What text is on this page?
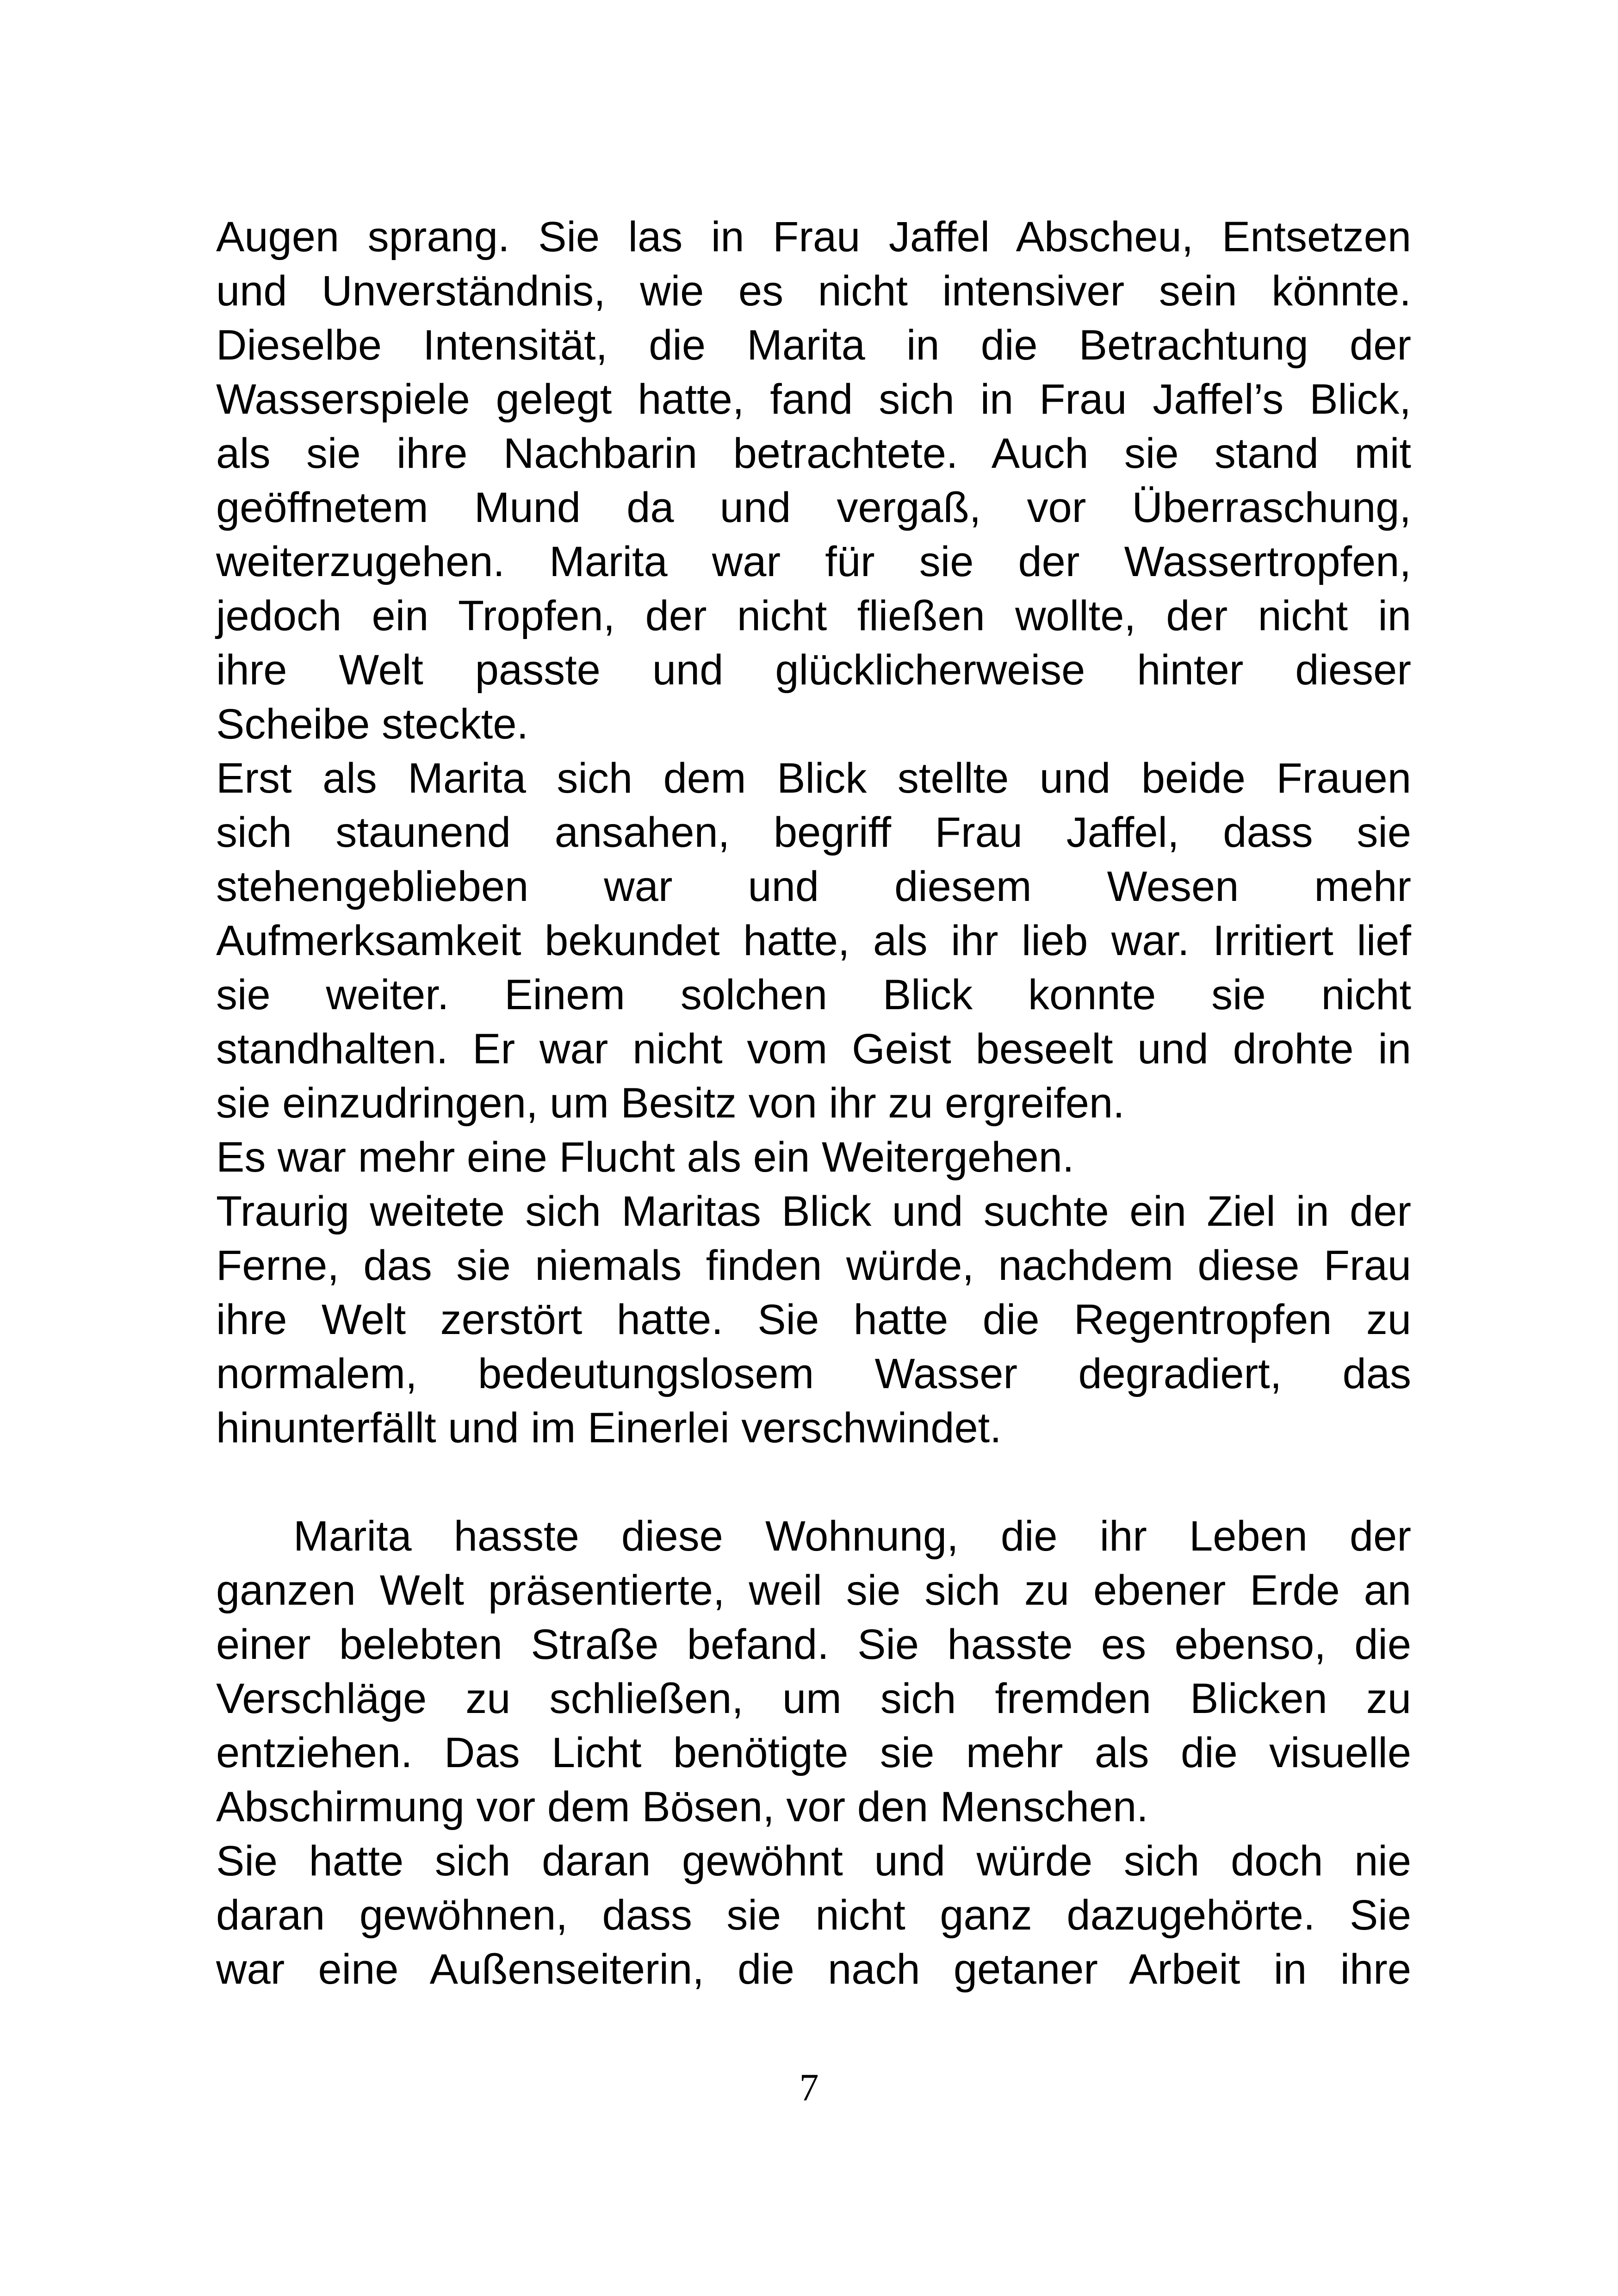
Augen sprang. Sie las in Frau Jaffel Abscheu, Entsetzen
und Unverständnis, wie es nicht intensiver sein könnte.
Dieselbe Intensität, die Marita in die Betrachtung der
Wasserspiele gelegt hatte, fand sich in Frau Jaffel’s Blick,
als sie ihre Nachbarin betrachtete. Auch sie stand mit
geöffnetem Mund da und vergaß, vor Überraschung,
weiterzugehen. Marita war für sie der Wassertropfen,
jedoch ein Tropfen, der nicht fließen wollte, der nicht in
ihre Welt passte und glücklicherweise hinter dieser
Scheibe steckte.
Erst als Marita sich dem Blick stellte und beide Frauen
sich staunend ansahen, begriff Frau Jaffel, dass sie
stehengeblieben war und diesem Wesen mehr
Aufmerksamkeit bekundet hatte, als ihr lieb war. Irritiert lief
sie weiter. Einem solchen Blick konnte sie nicht
standhalten. Er war nicht vom Geist beseelt und drohte in
sie einzudringen, um Besitz von ihr zu ergreifen.
Es war mehr eine Flucht als ein Weitergehen.
Traurig weitete sich Maritas Blick und suchte ein Ziel in der
Ferne, das sie niemals finden würde, nachdem diese Frau
ihre Welt zerstört hatte. Sie hatte die Regentropfen zu
normalem, bedeutungslosem Wasser degradiert, das
hinunterfällt und im Einerlei verschwindet.
Marita hasste diese Wohnung, die ihr Leben der
ganzen Welt präsentierte, weil sie sich zu ebener Erde an
einer belebten Straße befand. Sie hasste es ebenso, die
Verschläge zu schließen, um sich fremden Blicken zu
entziehen. Das Licht benötigte sie mehr als die visuelle
Abschirmung vor dem Bösen, vor den Menschen.
Sie hatte sich daran gewöhnt und würde sich doch nie
daran gewöhnen, dass sie nicht ganz dazugehörte. Sie
war eine Außenseiterin, die nach getaner Arbeit in ihre
7
